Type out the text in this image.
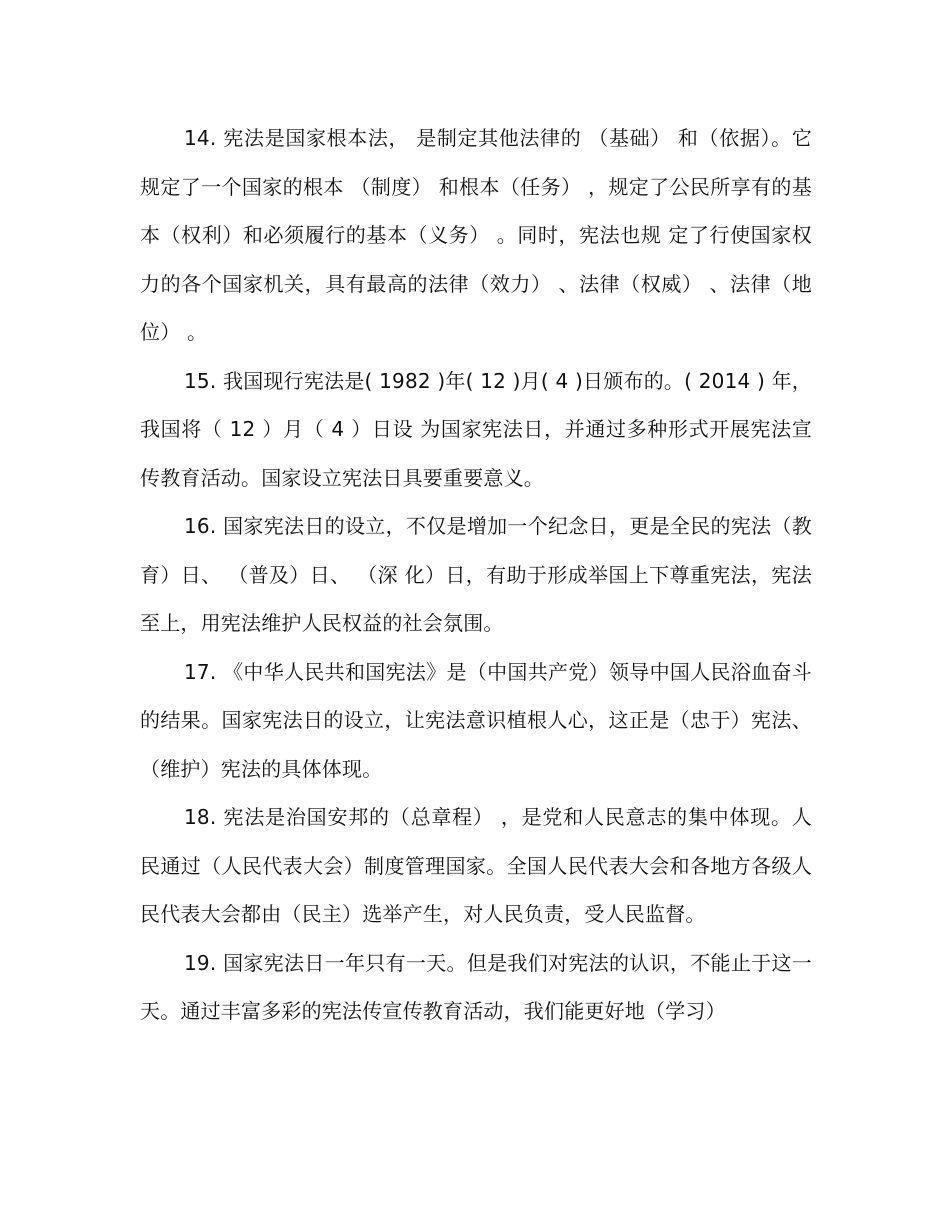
14. 宪法是国家根本法， 是制定其他法律的 （基础） 和（依据）。它规定了一个国家的根本 （制度） 和根本（任务） ，规定了公民所享有的基本（权利）和必须履行的基本（义务） 。同时，宪法也规 定了行使国家权力的各个国家机关，具有最高的法律（效力） 、法律（权威） 、法律（地位） 。

15. 我国现行宪法是( 1982 )年( 12 )月( 4 )日颁布的。( 2014 ) 年，我国将（ 12 ）月（ 4 ）日设 为国家宪法日，并通过多种形式开展宪法宣传教育活动。国家设立宪法日具要重要意义。

16. 国家宪法日的设立，不仅是增加一个纪念日，更是全民的宪法（教育）日、 （普及）日、 （深 化）日，有助于形成举国上下尊重宪法，宪法至上，用宪法维护人民权益的社会氛围。

17. 《中华人民共和国宪法》是（中国共产党）领导中国人民浴血奋斗的结果。国家宪法日的设立，让宪法意识植根人心，这正是（忠于）宪法、 （维护）宪法的具体体现。

18. 宪法是治国安邦的（总章程） ，是党和人民意志的集中体现。人民通过（人民代表大会）制度管理国家。全国人民代表大会和各地方各级人民代表大会都由（民主）选举产生，对人民负责，受人民监督。

19. 国家宪法日一年只有一天。但是我们对宪法的认识，不能止于这一天。通过丰富多彩的宪法传宣传教育活动，我们能更好地（学习）
